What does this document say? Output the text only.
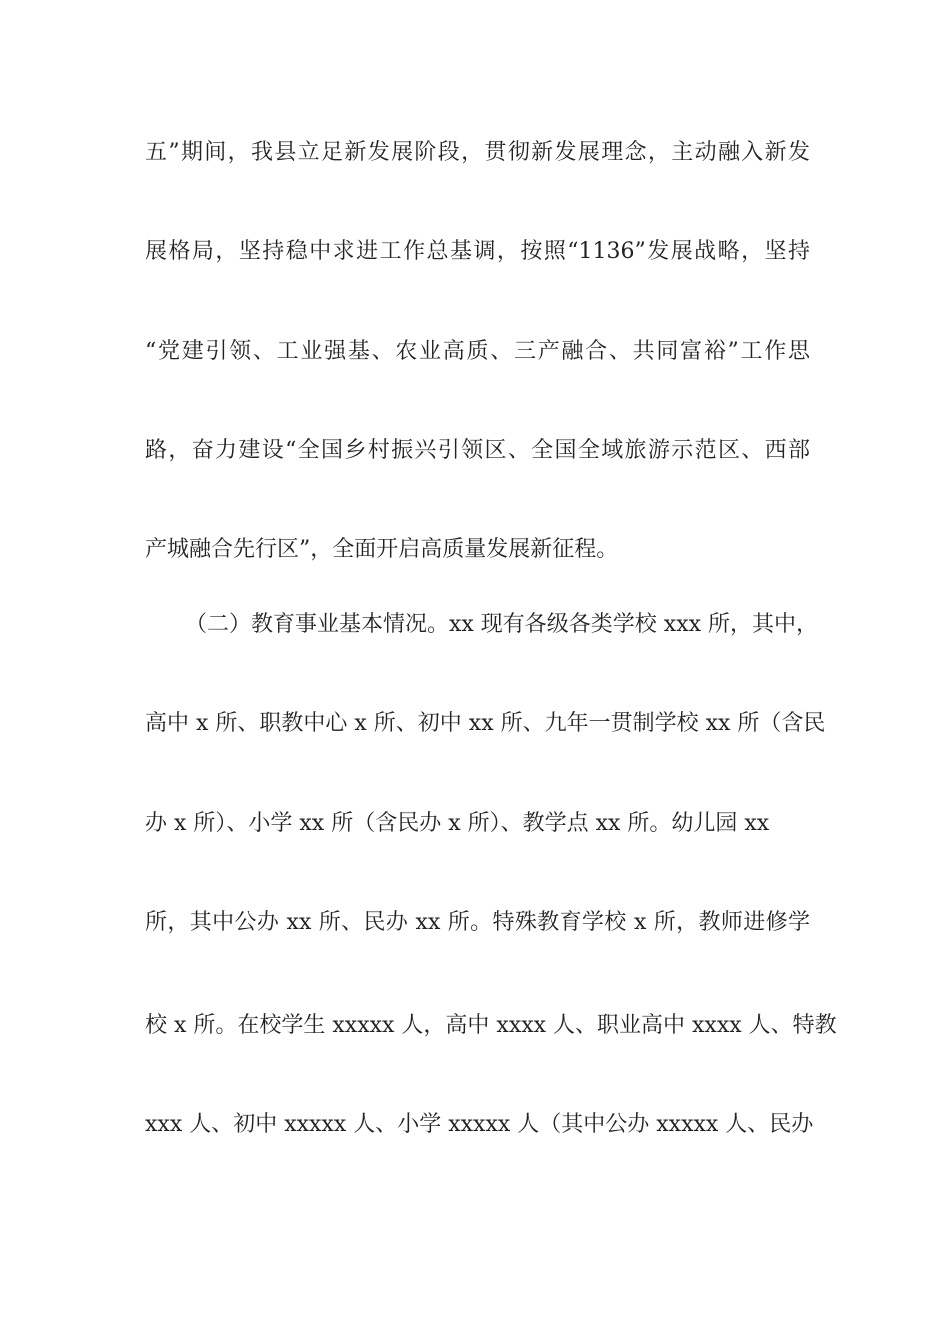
五”期间，我县立足新发展阶段，贯彻新发展理念，主动融入新发
展格局，坚持稳中求进工作总基调，按照“1136”发展战略，坚持
“党建引领、工业强基、农业高质、三产融合、共同富裕”工作思
路，奋力建设“全国乡村振兴引领区、全国全域旅游示范区、西部
产城融合先行区”，全面开启高质量发展新征程。
（二）教育事业基本情况。xx 现有各级各类学校 xxx 所，其中，
高中 x 所、职教中心 x 所、初中 xx 所、九年一贯制学校 xx 所（含民
办 x 所）、小学 xx 所（含民办 x 所）、教学点 xx 所。幼儿园 xx
所，其中公办 xx 所、民办 xx 所。特殊教育学校 x 所，教师进修学
校 x 所。在校学生 xxxxx 人，高中 xxxx 人、职业高中 xxxx 人、特教
xxx 人、初中 xxxxx 人、小学 xxxxx 人（其中公办 xxxxx 人、民办
